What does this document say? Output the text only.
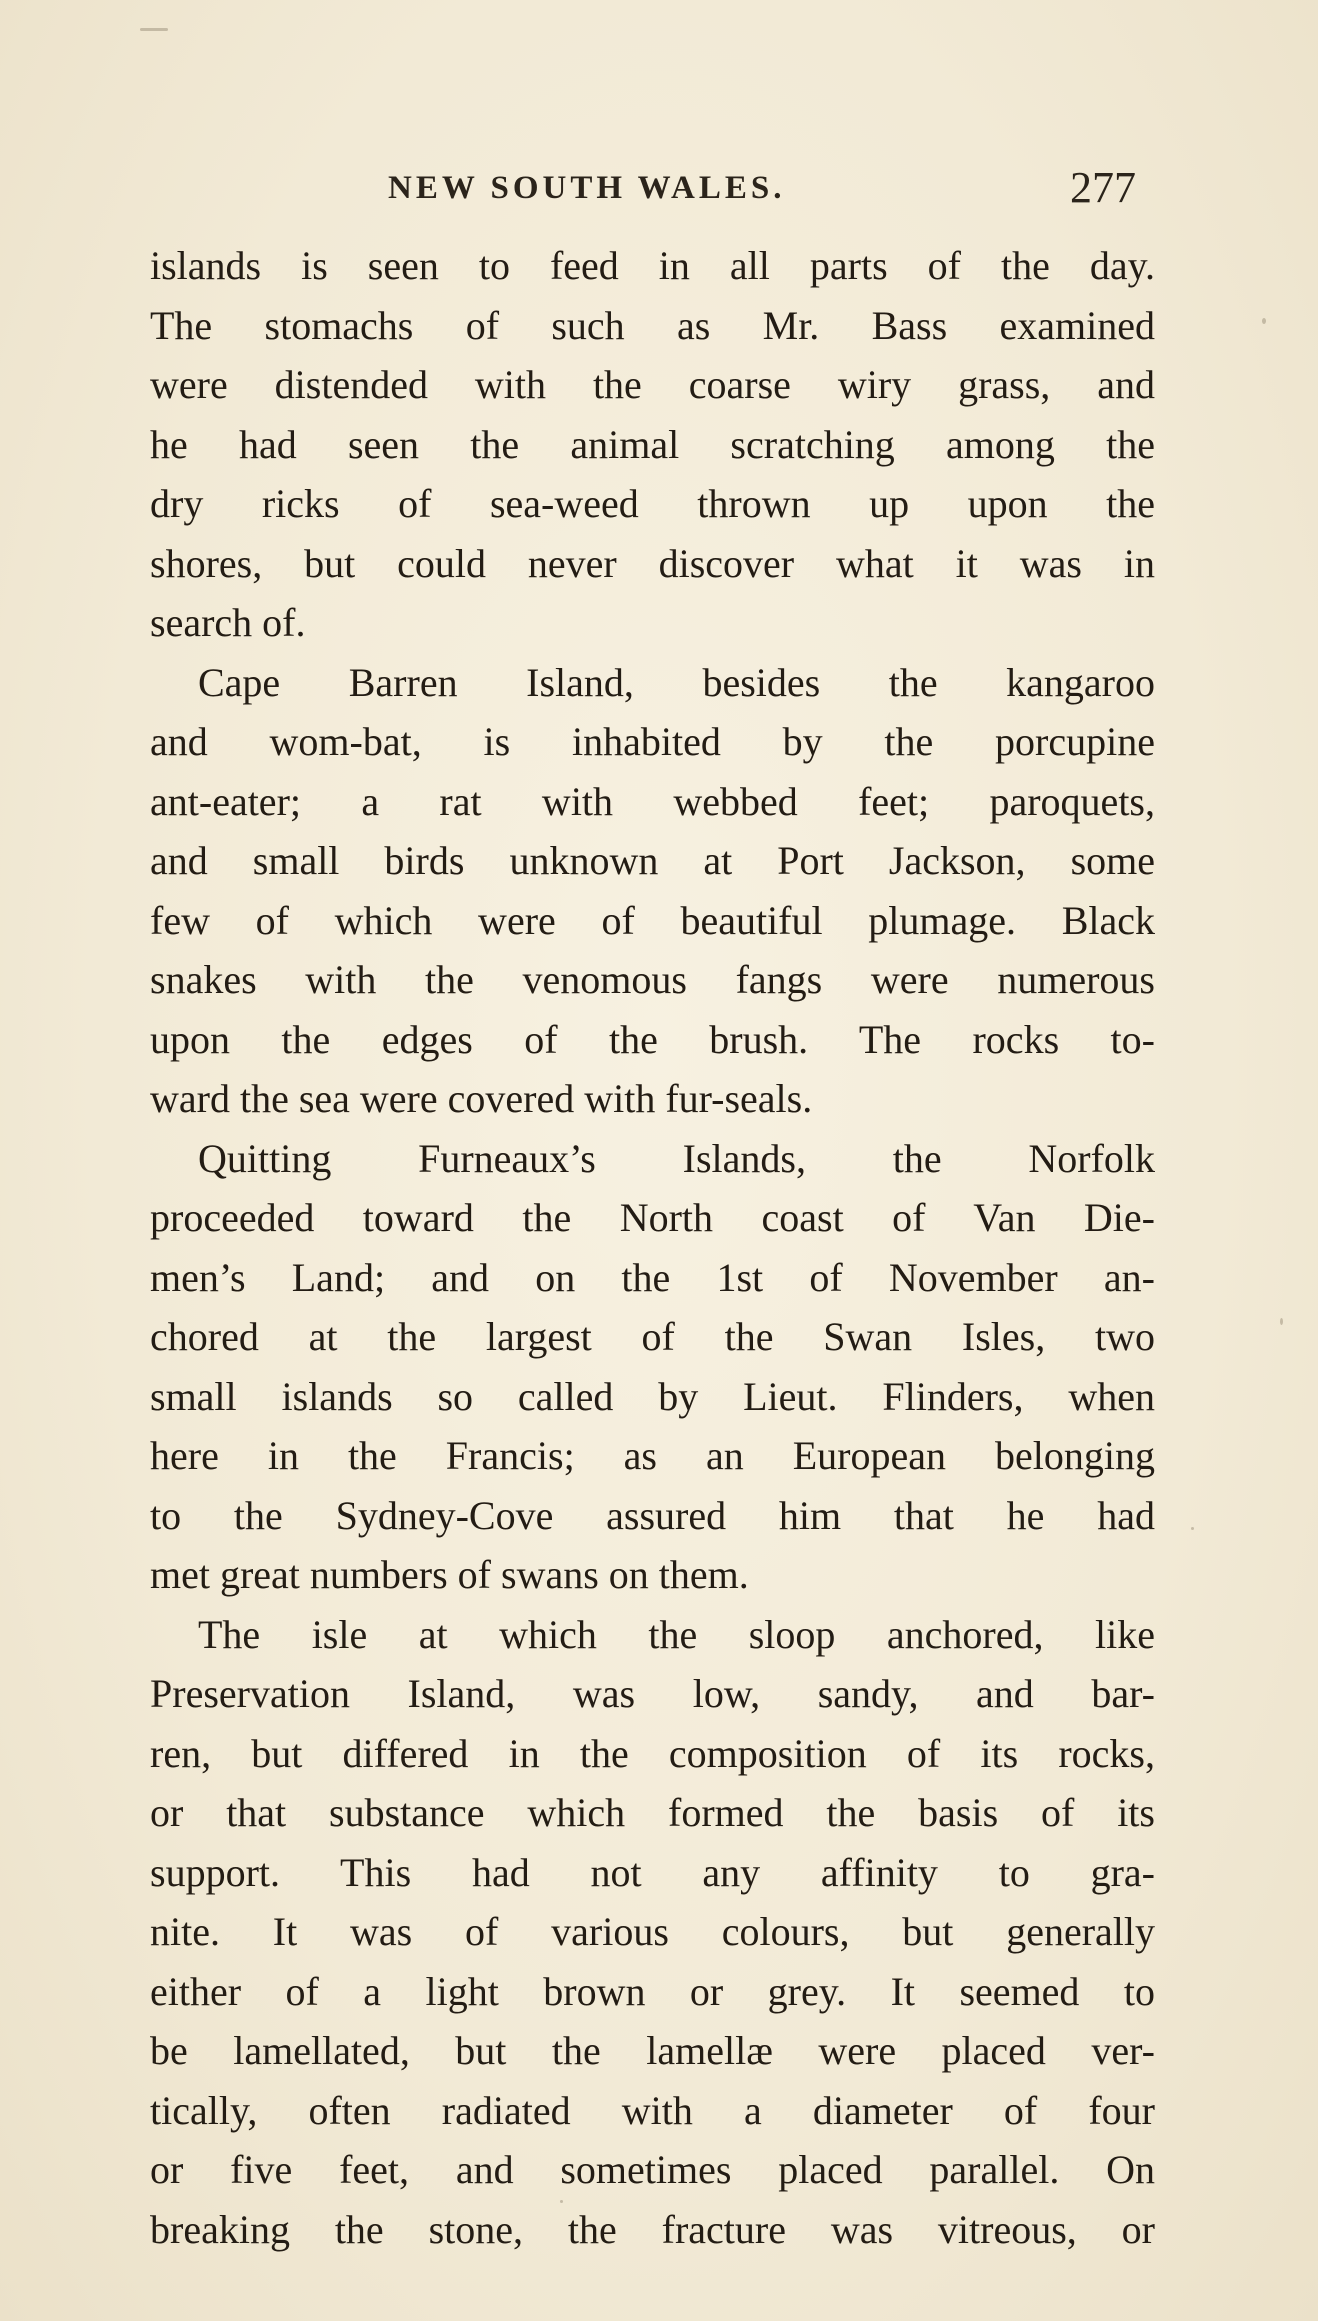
NEW SOUTH WALES.	277
islands is seen to feed in all parts of the day.
The stomachs of such as Mr. Bass examined
were distended with the coarse wiry grass, and
he had seen the animal scratching among the
dry ricks of sea-weed thrown up upon the
shores, but could never discover what it was in
search of.
Cape Barren Island, besides the kangaroo
and wom-bat, is inhabited by the porcupine
ant-eater; a rat with webbed feet; paroquets,
and small birds unknown at Port Jackson, some
few of which were of beautiful plumage. Black
snakes with the venomous fangs were numerous
upon the edges of the brush. The rocks to-
ward the sea were covered with fur-seals.
Quitting Furneaux’s Islands, the Norfolk
proceeded toward the North coast of Van Die-
men’s Land; and on the 1st of November an-
chored at the largest of the Swan Isles, two
small islands so called by Lieut. Flinders, when
here in the Francis; as an European belonging
to the Sydney-Cove assured him that he had
met great numbers of swans on them.
The isle at which the sloop anchored, like
Preservation Island, was low, sandy, and bar-
ren, but differed in the composition of its rocks,
or that substance which formed the basis of its
support. This had not any affinity to gra-
nite. It was of various colours, but generally
either of a light brown or grey. It seemed to
be lamellated, but the lamellæ were placed ver-
tically, often radiated with a diameter of four
or five feet, and sometimes placed parallel. On
breaking the stone, the fracture was vitreous, or
